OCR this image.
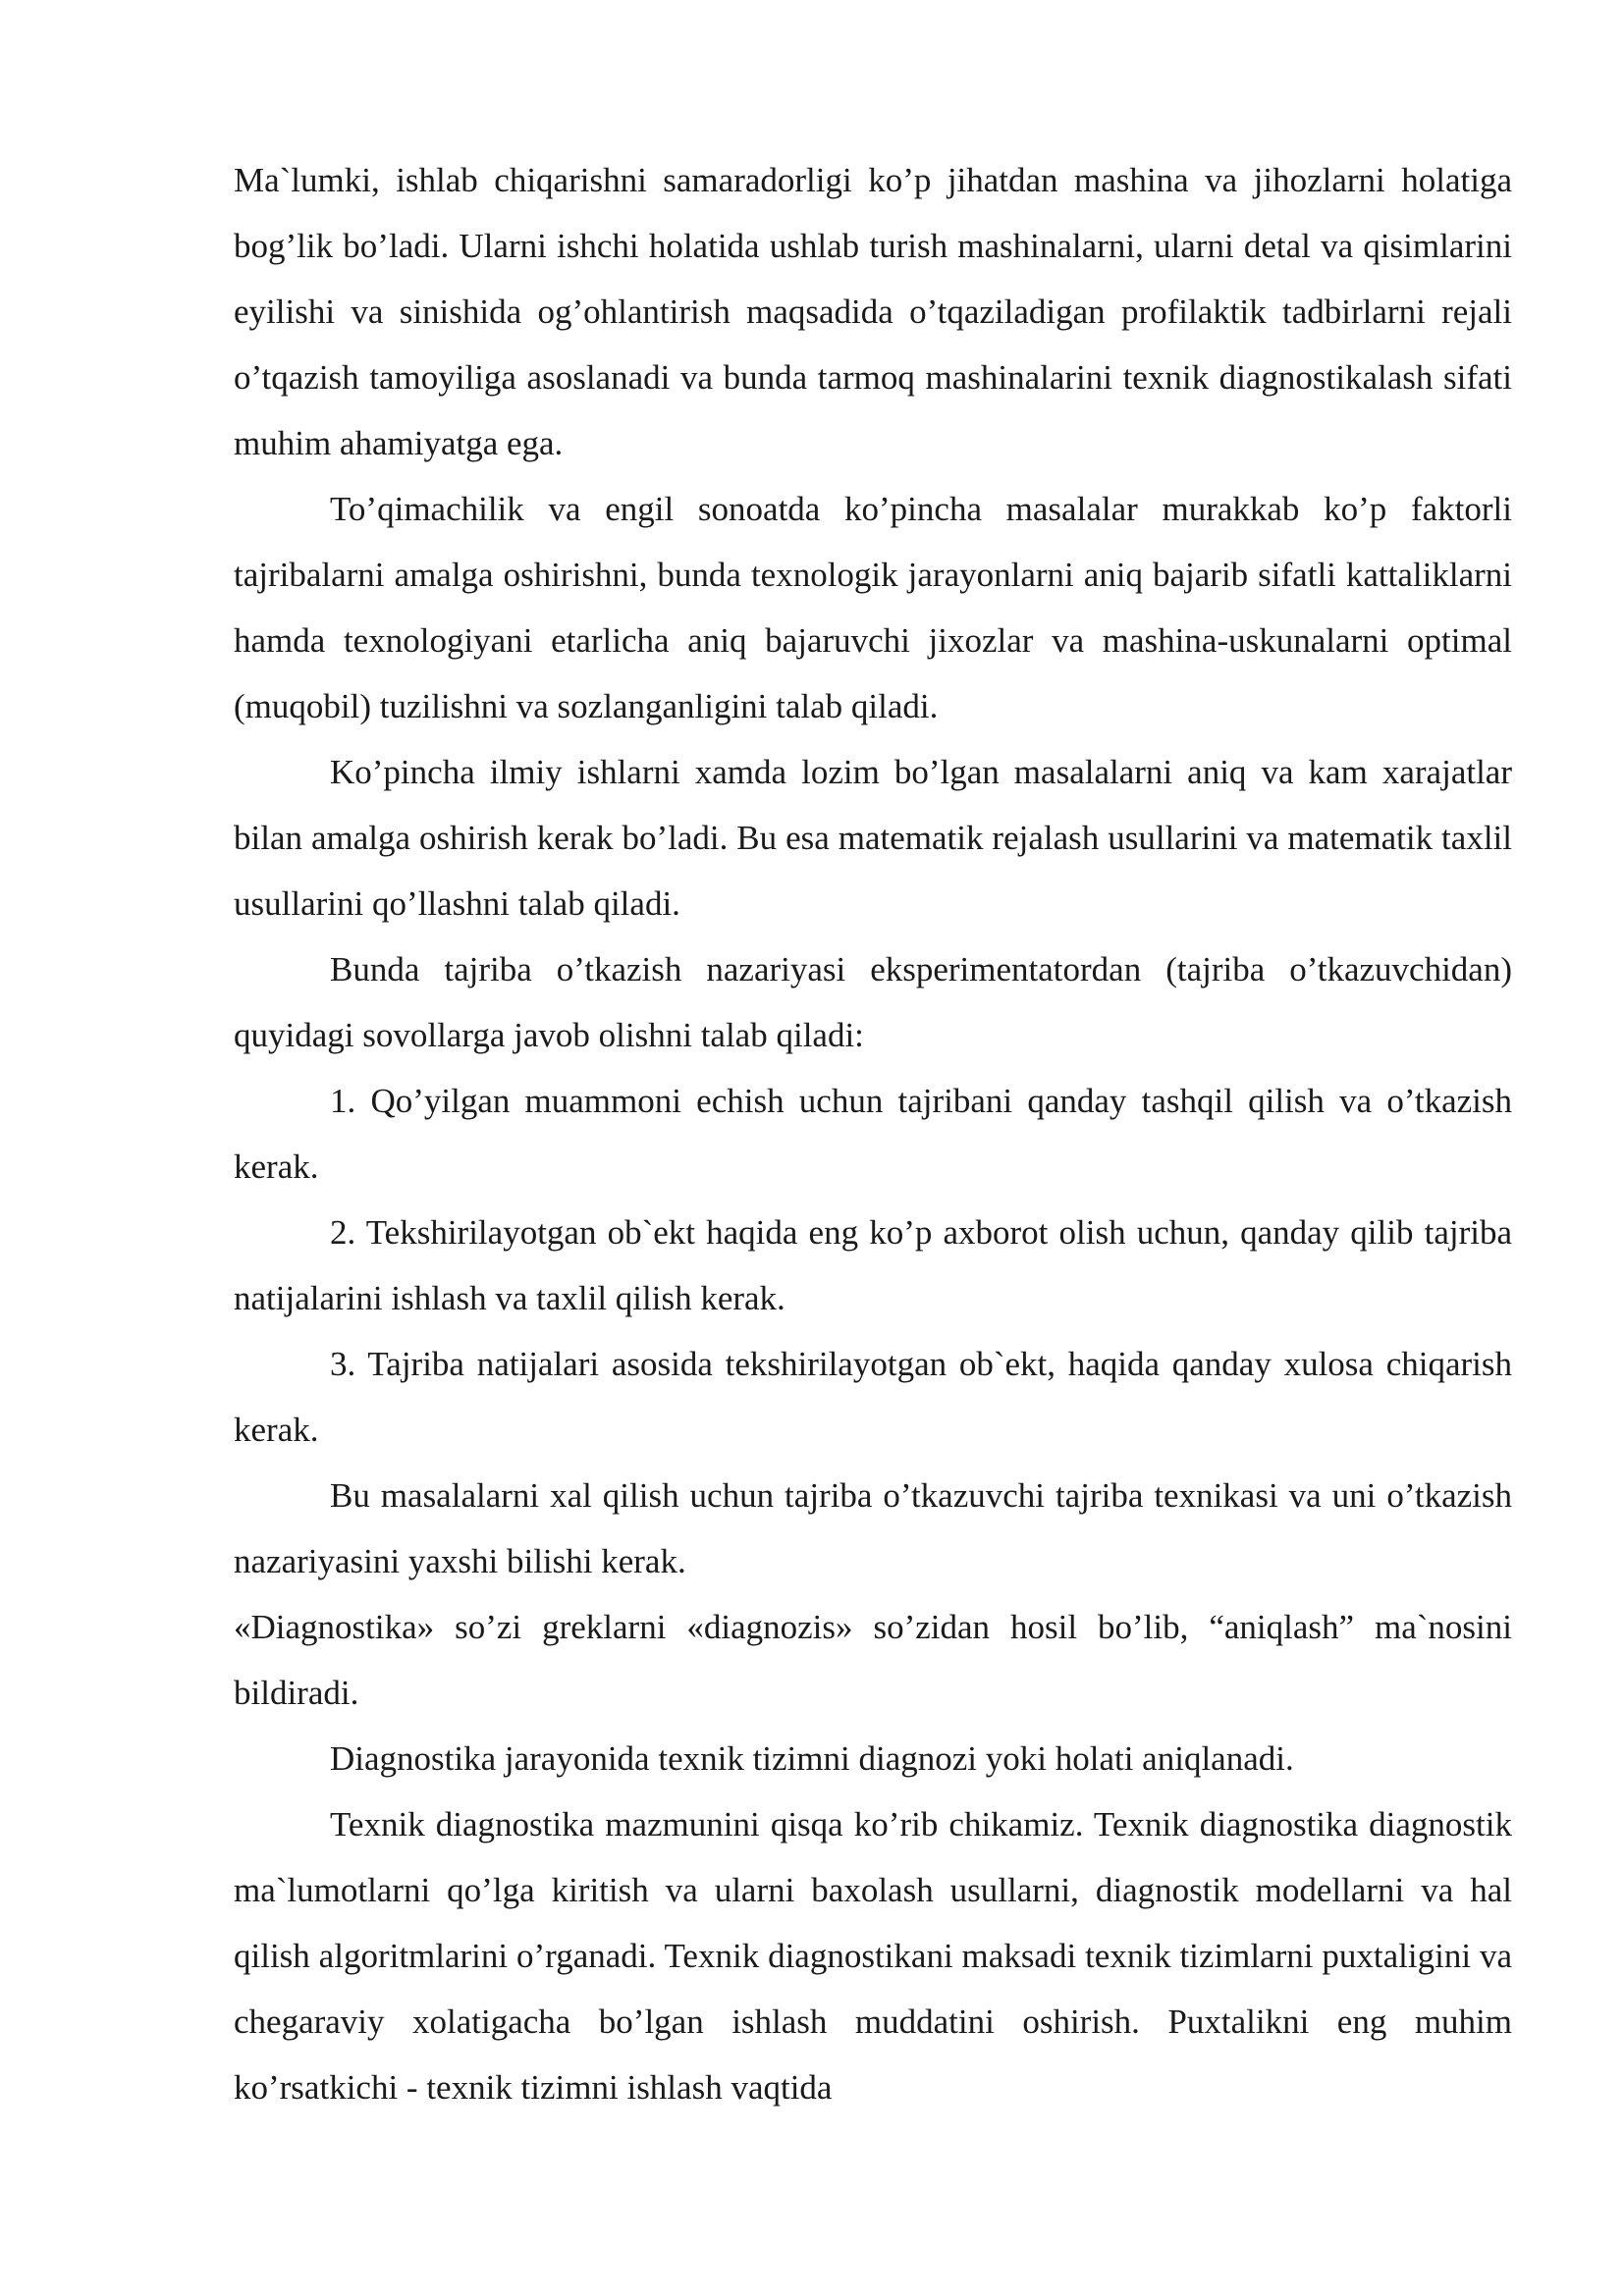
Ma`lumki, ishlab chiqarishni samaradorligi ko’p jihatdan mashina va jihozlarni holatiga bog’lik bo’ladi. Ularni ishchi holatida ushlab turish mashinalarni, ularni detal va qisimlarini eyilishi va sinishida og’ohlantirish maqsadida o’tqaziladigan profilaktik tadbirlarni rejali o’tqazish tamoyiliga asoslanadi va bunda tarmoq mashinalarini texnik diagnostikalash sifati muhim ahamiyatga ega.

To’qimachilik va engil sonoatda ko’pincha masalalar murakkab ko’p faktorli tajribalarni amalga oshirishni, bunda texnologik jarayonlarni aniq bajarib sifatli kattaliklarni hamda texnologiyani etarlicha aniq bajaruvchi jixozlar va mashina-uskunalarni optimal (muqobil) tuzilishni va sozlanganligini talab qiladi.

Ko’pincha ilmiy ishlarni xamda lozim bo’lgan masalalarni aniq va kam xarajatlar bilan amalga oshirish kerak bo’ladi. Bu esa matematik rejalash usullarini va matematik taxlil usullarini qo’llashni talab qiladi.

Bunda tajriba o’tkazish nazariyasi eksperimentatordan (tajriba o’tkazuvchidan) quyidagi sovollarga javob olishni talab qiladi:

1. Qo’yilgan muammoni echish uchun tajribani qanday tashqil qilish va o’tkazish kerak.

2. Tekshirilayotgan ob`ekt haqida eng ko’p axborot olish uchun, qanday qilib tajriba natijalarini ishlash va taxlil qilish kerak.

3. Tajriba natijalari asosida tekshirilayotgan ob`ekt, haqida qanday xulosa chiqarish kerak.

Bu masalalarni xal qilish uchun tajriba o’tkazuvchi tajriba texnikasi va uni o’tkazish nazariyasini yaxshi bilishi kerak.

«Diagnostika» so’zi greklarni «diagnozis» so’zidan hosil bo’lib, “aniqlash” ma`nosini bildiradi.

Diagnostika jarayonida texnik tizimni diagnozi yoki holati aniqlanadi.

Texnik diagnostika mazmunini qisqa ko’rib chikamiz. Texnik diagnostika diagnostik ma`lumotlarni qo’lga kiritish va ularni baxolash usullarni, diagnostik modellarni va hal qilish algoritmlarini o’rganadi. Texnik diagnostikani maksadi texnik tizimlarni puxtaligini va chegaraviy xolatigacha bo’lgan ishlash muddatini oshirish. Puxtalikni eng muhim ko’rsatkichi - texnik tizimni ishlash vaqtida
